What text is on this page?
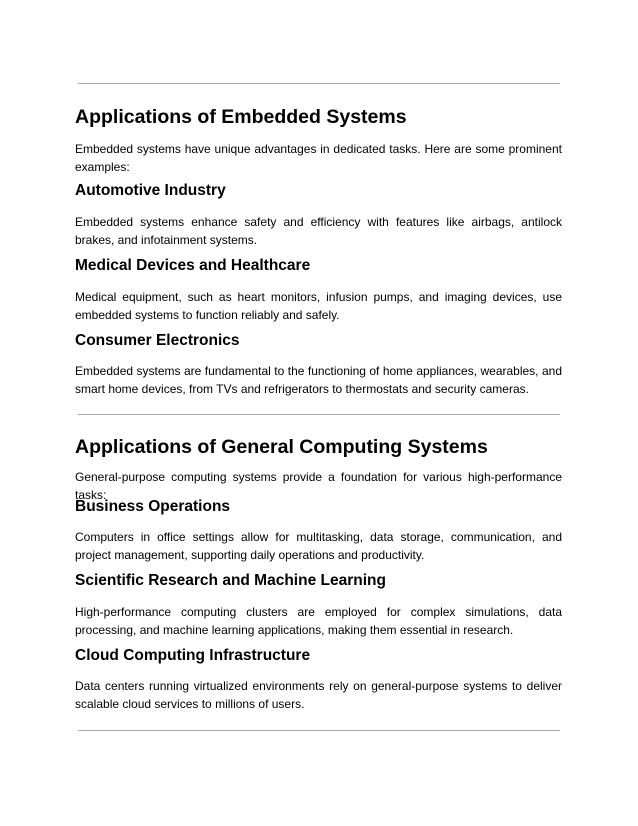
Applications of Embedded Systems

Embedded systems have unique advantages in dedicated tasks. Here are some prominent examples:

Automotive Industry

Embedded systems enhance safety and efficiency with features like airbags, antilock brakes, and infotainment systems.

Medical Devices and Healthcare

Medical equipment, such as heart monitors, infusion pumps, and imaging devices, use embedded systems to function reliably and safely.

Consumer Electronics

Embedded systems are fundamental to the functioning of home appliances, wearables, and smart home devices, from TVs and refrigerators to thermostats and security cameras.

Applications of General Computing Systems

General-purpose computing systems provide a foundation for various high-performance tasks:

Business Operations

Computers in office settings allow for multitasking, data storage, communication, and project management, supporting daily operations and productivity.

Scientific Research and Machine Learning

High-performance computing clusters are employed for complex simulations, data processing, and machine learning applications, making them essential in research.

Cloud Computing Infrastructure

Data centers running virtualized environments rely on general-purpose systems to deliver scalable cloud services to millions of users.
